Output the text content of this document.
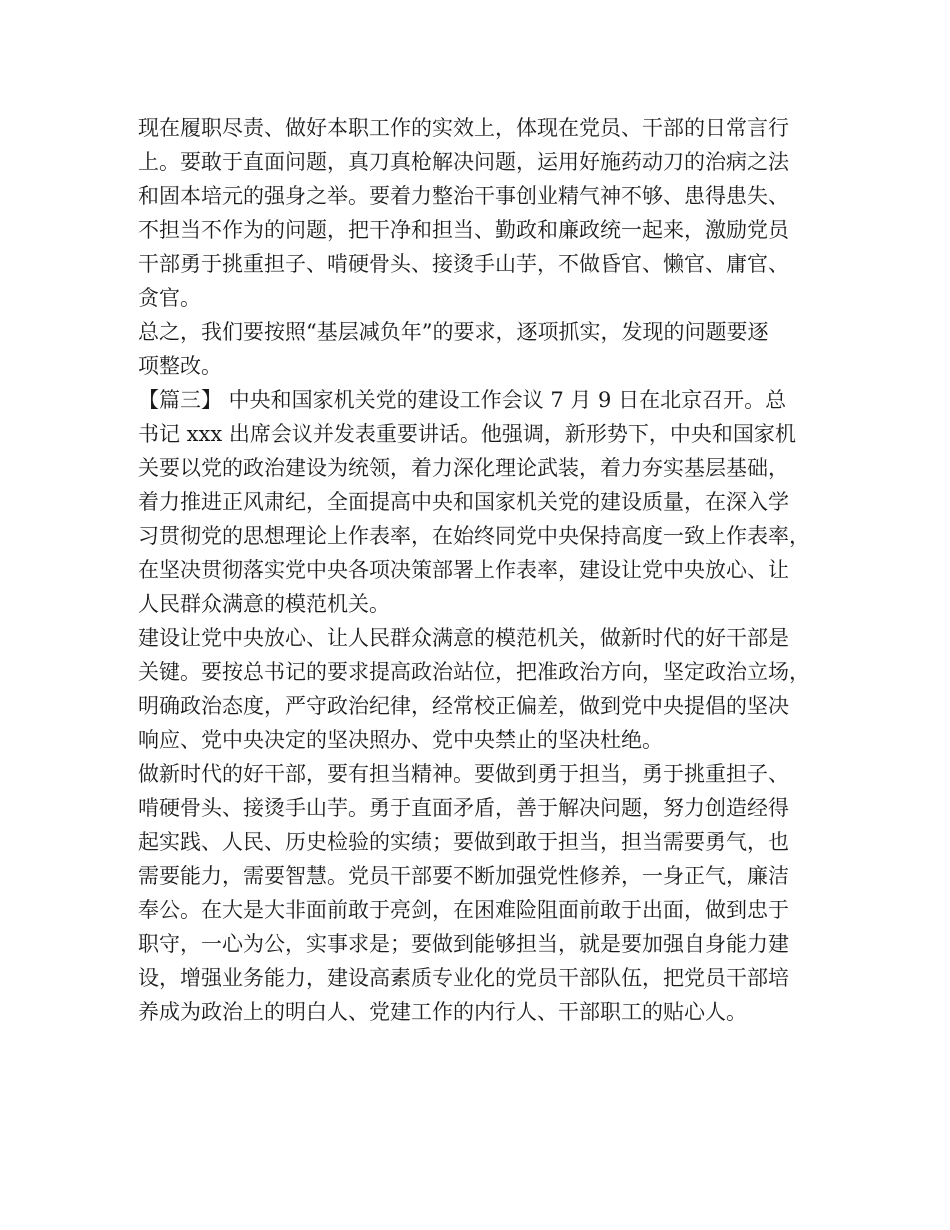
现在履职尽责、做好本职工作的实效上，体现在党员、干部的日常言行
上。要敢于直面问题，真刀真枪解决问题，运用好施药动刀的治病之法
和固本培元的强身之举。要着力整治干事创业精气神不够、患得患失、
不担当不作为的问题，把干净和担当、勤政和廉政统一起来，激励党员
干部勇于挑重担子、啃硬骨头、接烫手山芋，不做昏官、懒官、庸官、
贪官。
总之，我们要按照“基层减负年”的要求，逐项抓实，发现的问题要逐
项整改。
【篇三】 中央和国家机关党的建设工作会议 7 月 9 日在北京召开。总
书记 xxx 出席会议并发表重要讲话。他强调，新形势下，中央和国家机
关要以党的政治建设为统领，着力深化理论武装，着力夯实基层基础，
着力推进正风肃纪，全面提高中央和国家机关党的建设质量，在深入学
习贯彻党的思想理论上作表率，在始终同党中央保持高度一致上作表率，
在坚决贯彻落实党中央各项决策部署上作表率，建设让党中央放心、让
人民群众满意的模范机关。
建设让党中央放心、让人民群众满意的模范机关，做新时代的好干部是
关键。要按总书记的要求提高政治站位，把准政治方向，坚定政治立场，
明确政治态度，严守政治纪律，经常校正偏差，做到党中央提倡的坚决
响应、党中央决定的坚决照办、党中央禁止的坚决杜绝。
做新时代的好干部，要有担当精神。要做到勇于担当，勇于挑重担子、
啃硬骨头、接烫手山芋。勇于直面矛盾，善于解决问题，努力创造经得
起实践、人民、历史检验的实绩；要做到敢于担当，担当需要勇气，也
需要能力，需要智慧。党员干部要不断加强党性修养，一身正气，廉洁
奉公。在大是大非面前敢于亮剑，在困难险阻面前敢于出面，做到忠于
职守，一心为公，实事求是；要做到能够担当，就是要加强自身能力建
设，增强业务能力，建设高素质专业化的党员干部队伍，把党员干部培
养成为政治上的明白人、党建工作的内行人、干部职工的贴心人。
